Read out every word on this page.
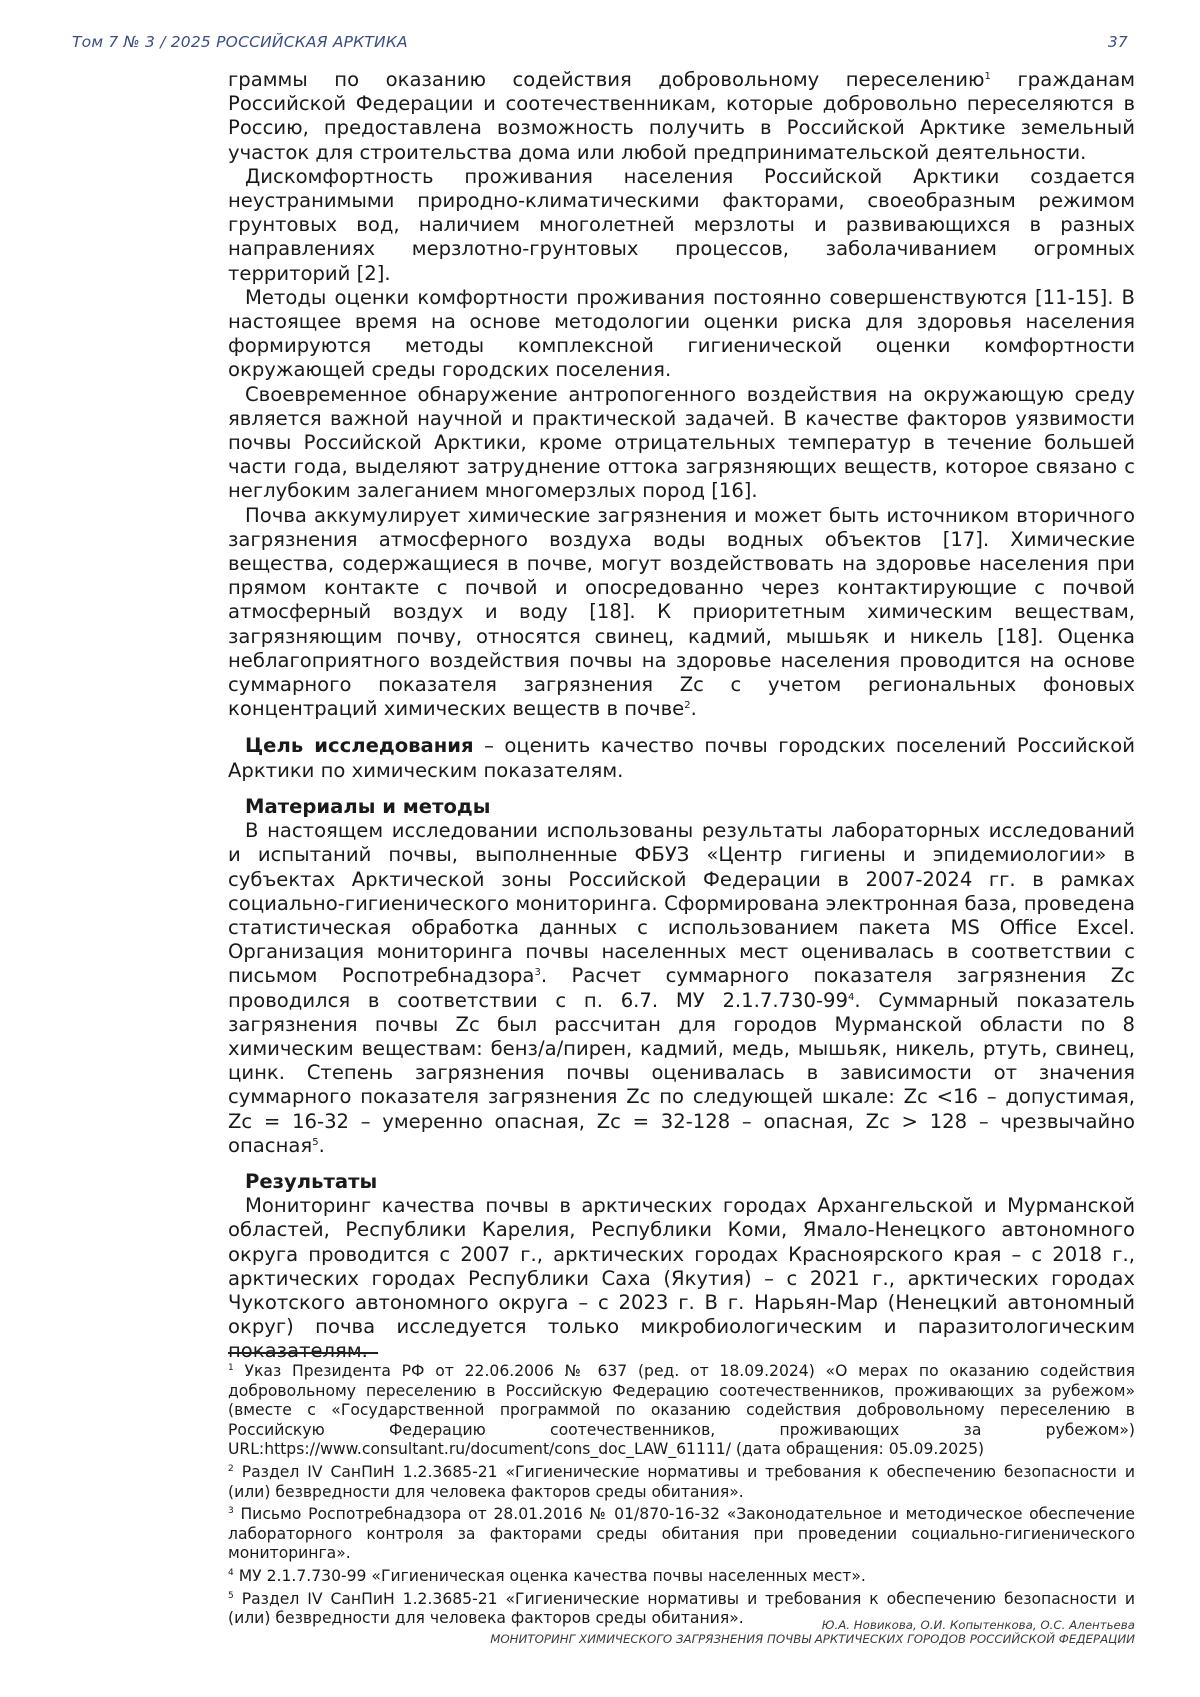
Том 7 № 3 / 2025 РОССИЙСКАЯ АРКТИКА	37

граммы по оказанию содействия добровольному переселению$^1$ гражданам Российской Федерации и соотечественникам, которые добровольно переселяются в Россию, предоставлена возможность получить в Российской Арктике земельный участок для строительства дома или любой предпринимательской деятельности.

Дискомфортность проживания населения Российской Арктики создается неустранимыми природно-климатическими факторами, своеобразным режимом грунтовых вод, наличием многолетней мерзлоты и развивающихся в разных направлениях мерзлотно-грунтовых процессов, заболачиванием огромных территорий [2].

Методы оценки комфортности проживания постоянно совершенствуются [11-15]. В настоящее время на основе методологии оценки риска для здоровья населения формируются методы комплексной гигиенической оценки комфортности окружающей среды городских поселения.

Своевременное обнаружение антропогенного воздействия на окружающую среду является важной научной и практической задачей. В качестве факторов уязвимости почвы Российской Арктики, кроме отрицательных температур в течение большей части года, выделяют затруднение оттока загрязняющих веществ, которое связано с неглубоким залеганием многомерзлых пород [16].

Почва аккумулирует химические загрязнения и может быть источником вторичного загрязнения атмосферного воздуха воды водных объектов [17]. Химические вещества, содержащиеся в почве, могут воздействовать на здоровье населения при прямом контакте с почвой и опосредованно через контактирующие с почвой атмосферный воздух и воду [18]. К приоритетным химическим веществам, загрязняющим почву, относятся свинец, кадмий, мышьяк и никель [18]. Оценка неблагоприятного воздействия почвы на здоровье населения проводится на основе суммарного показателя загрязнения Zc с учетом региональных фоновых концентраций химических веществ в почве$^2$.

Цель исследования – оценить качество почвы городских поселений Российской Арктики по химическим показателям.

Материалы и методы

В настоящем исследовании использованы результаты лабораторных исследований и испытаний почвы, выполненные ФБУЗ «Центр гигиены и эпидемиологии» в субъектах Арктической зоны Российской Федерации в 2007-2024 гг. в рамках социально-гигиенического мониторинга. Сформирована электронная база, проведена статистическая обработка данных с использованием пакета MS Office Excel. Организация мониторинга почвы населенных мест оценивалась в соответствии с письмом Роспотребнадзора$^3$. Расчет суммарного показателя загрязнения Zc проводился в соответствии с п. 6.7. МУ $2.1.7.730-99^4$. Суммарный показатель загрязнения почвы Zc был рассчитан для городов Мурманской области по 8 химическим веществам: бенз/а/пирен, кадмий, медь, мышьяк, никель, ртуть, свинец, цинк. Степень загрязнения почвы оценивалась в зависимости от значения суммарного показателя загрязнения Zc по следующей шкале: Zc <16 – допустимая, Zc = 16-32 – умеренно опасная, Zc = 32-128 – опасная, Zc > 128 – чрезвычайно опасная$^5$.

Результаты

Мониторинг качества почвы в арктических городах Архангельской и Мурманской областей, Республики Карелия, Республики Коми, Ямало-Ненецкого автономного округа проводится с 2007 г., арктических городах Красноярского края – с 2018 г., арктических городах Республики Саха (Якутия) – с 2021 г., арктических городах Чукотского автономного округа – с 2023 г. В г. Нарьян-Мар (Ненецкий автономный округ) почва исследуется только микробиологическим и паразитологическим показателям.

$^1$ Указ Президента РФ от 22.06.2006 № 637 (ред. от 18.09.2024) «О мерах по оказанию содействия добровольному переселению в Российскую Федерацию соотечественников, проживающих за рубежом» (вместе с «Государственной программой по оказанию содействия добровольному переселению в Российскую Федерацию соотечественников, проживающих за рубежом») URL:https://www.consultant.ru/document/cons_doc_LAW_61111/ (дата обращения: 05.09.2025)

$^2$ Раздел IV СанПиН 1.2.3685-21 «Гигиенические нормативы и требования к обеспечению безопасности и (или) безвредности для человека факторов среды обитания».

$^3$ Письмо Роспотребнадзора от 28.01.2016 № 01/870-16-32 «Законодательное и методическое обеспечение лабораторного контроля за факторами среды обитания при проведении социально-гигиенического мониторинга».

$^4$ МУ 2.1.7.730-99 «Гигиеническая оценка качества почвы населенных мест».

$^5$ Раздел IV СанПиН 1.2.3685-21 «Гигиенические нормативы и требования к обеспечению безопасности и (или) безвредности для человека факторов среды обитания».	Ю.А. Новикова, О.И. Копытенкова, О.С. Алентьева
МОНИТОРИНГ ХИМИЧЕСКОГО ЗАГРЯЗНЕНИЯ ПОЧВЫ АРКТИЧЕСКИХ ГОРОДОВ РОССИЙСКОЙ ФЕДЕРАЦИИ
